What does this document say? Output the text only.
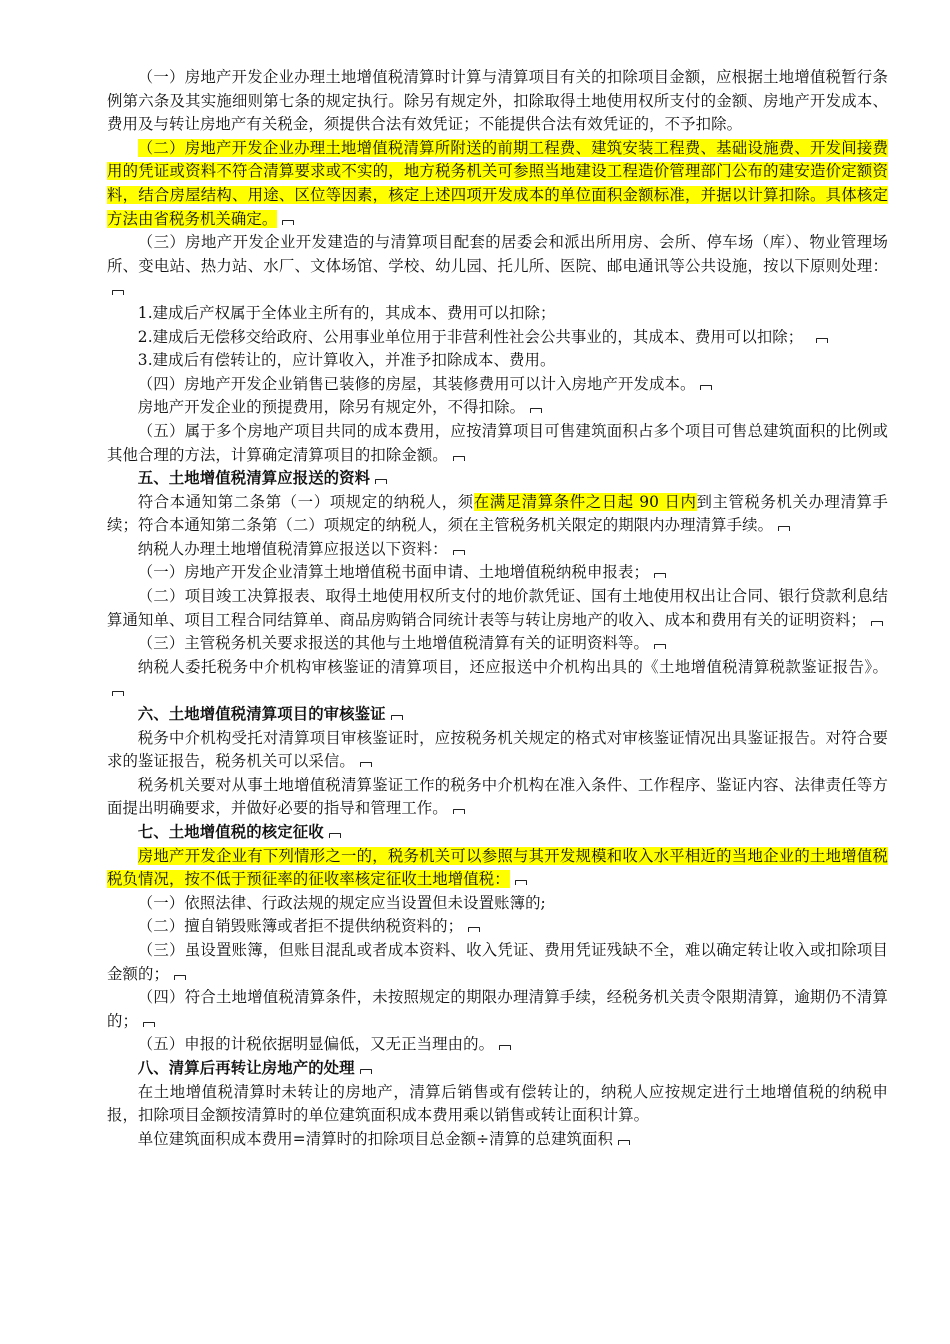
（一）房地产开发企业办理土地增值税清算时计算与清算项目有关的扣除项目金额，应根据土地增值税暂行条例第六条及其实施细则第七条的规定执行。除另有规定外，扣除取得土地使用权所支付的金额、房地产开发成本、费用及与转让房地产有关税金，须提供合法有效凭证；不能提供合法有效凭证的，不予扣除。

（二）房地产开发企业办理土地增值税清算所附送的前期工程费、建筑安装工程费、基础设施费、开发间接费用的凭证或资料不符合清算要求或不实的，地方税务机关可参照当地建设工程造价管理部门公布的建安造价定额资料，结合房屋结构、用途、区位等因素，核定上述四项开发成本的单位面积金额标准，并据以计算扣除。具体核定方法由省税务机关确定。

（三）房地产开发企业开发建造的与清算项目配套的居委会和派出所用房、会所、停车场（库）、物业管理场所、变电站、热力站、水厂、文体场馆、学校、幼儿园、托儿所、医院、邮电通讯等公共设施，按以下原则处理：

1.建成后产权属于全体业主所有的，其成本、费用可以扣除；

2.建成后无偿移交给政府、公用事业单位用于非营利性社会公共事业的，其成本、费用可以扣除；　

3.建成后有偿转让的，应计算收入，并准予扣除成本、费用。

（四）房地产开发企业销售已装修的房屋，其装修费用可以计入房地产开发成本。

房地产开发企业的预提费用，除另有规定外，不得扣除。

（五）属于多个房地产项目共同的成本费用，应按清算项目可售建筑面积占多个项目可售总建筑面积的比例或其他合理的方法，计算确定清算项目的扣除金额。

五、土地增值税清算应报送的资料

符合本通知第二条第（一）项规定的纳税人，须在满足清算条件之日起 90 日内到主管税务机关办理清算手续；符合本通知第二条第（二）项规定的纳税人，须在主管税务机关限定的期限内办理清算手续。

纳税人办理土地增值税清算应报送以下资料：

（一）房地产开发企业清算土地增值税书面申请、土地增值税纳税申报表；

（二）项目竣工决算报表、取得土地使用权所支付的地价款凭证、国有土地使用权出让合同、银行贷款利息结算通知单、项目工程合同结算单、商品房购销合同统计表等与转让房地产的收入、成本和费用有关的证明资料；

（三）主管税务机关要求报送的其他与土地增值税清算有关的证明资料等。

纳税人委托税务中介机构审核鉴证的清算项目，还应报送中介机构出具的《土地增值税清算税款鉴证报告》。

六、土地增值税清算项目的审核鉴证

税务中介机构受托对清算项目审核鉴证时，应按税务机关规定的格式对审核鉴证情况出具鉴证报告。对符合要求的鉴证报告，税务机关可以采信。

税务机关要对从事土地增值税清算鉴证工作的税务中介机构在准入条件、工作程序、鉴证内容、法律责任等方面提出明确要求，并做好必要的指导和管理工作。

七、土地增值税的核定征收

房地产开发企业有下列情形之一的，税务机关可以参照与其开发规模和收入水平相近的当地企业的土地增值税税负情况，按不低于预征率的征收率核定征收土地增值税：

（一）依照法律、行政法规的规定应当设置但未设置账簿的;

（二）擅自销毁账簿或者拒不提供纳税资料的；

（三）虽设置账簿，但账目混乱或者成本资料、收入凭证、费用凭证残缺不全，难以确定转让收入或扣除项目金额的；

（四）符合土地增值税清算条件，未按照规定的期限办理清算手续，经税务机关责令限期清算，逾期仍不清算的；

（五）申报的计税依据明显偏低，又无正当理由的。

八、清算后再转让房地产的处理

在土地增值税清算时未转让的房地产，清算后销售或有偿转让的，纳税人应按规定进行土地增值税的纳税申报，扣除项目金额按清算时的单位建筑面积成本费用乘以销售或转让面积计算。

单位建筑面积成本费用=清算时的扣除项目总金额÷清算的总建筑面积
